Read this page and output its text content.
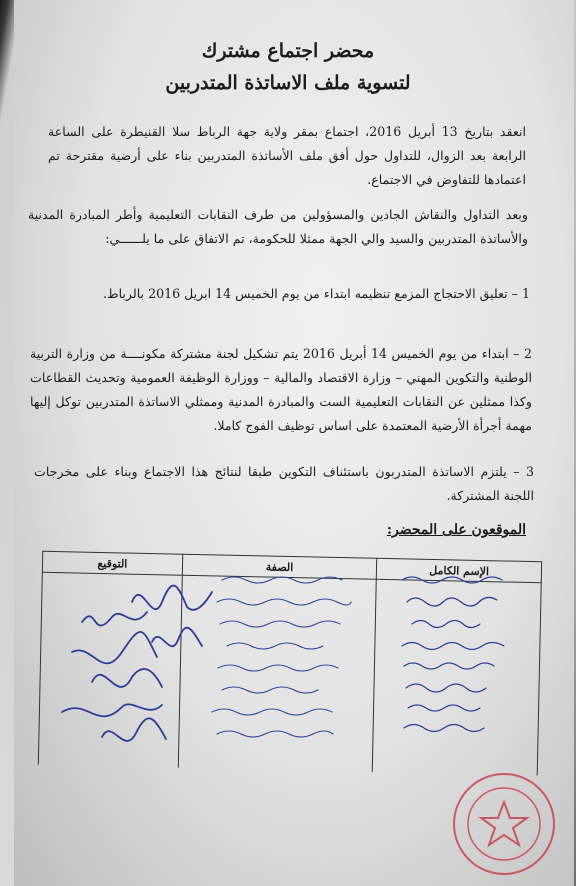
محضر اجتماع مشترك
لتسوية ملف الاساتذة المتدربين
انعقد بتاريخ 13 أبريل 2016، اجتماع بمقر ولاية جهة الرباط سلا القنيطرة على الساعة الرابعة بعد الزوال، للتداول حول أفق ملف الأساتذة المتدربين بناء على أرضية مقترحة تم اعتمادها للتفاوض في الاجتماع.
وبعد التداول والنقاش الجادين والمسؤولين من طرف النقابات التعليمية وأطر المبادرة المدنية والأساتذة المتدربين والسيد والي الجهة ممثلا للحكومة، تم الاتفاق على ما يلــــــي:
1 – تعليق الاحتجاج المزمع تنظيمه ابتداء من يوم الخميس 14 ابريل 2016 بالرباط.
2 – ابتداء من يوم الخميس 14 أبريل 2016 يتم تشكيل لجنة مشتركة مكونــــة من وزارة التربية الوطنية والتكوين المهني – وزارة الاقتصاد والمالية – ووزارة الوظيفة العمومية وتحديث القطاعات وكذا ممثلين عن النقابات التعليمية الست والمبادرة المدنية وممثلي الاساتذة المتدربين توكل إليها مهمة أجرأة الأرضية المعتمدة على اساس توظيف الفوج كاملا.
3 – يلتزم الاساتذة المتدربون باستئناف التكوين طبقا لنتائج هذا الاجتماع وبناء على مخرجات اللجنة المشتركة.
الموقعون على المحضر:
الإسم الكامل	الصفة	التوقيع
